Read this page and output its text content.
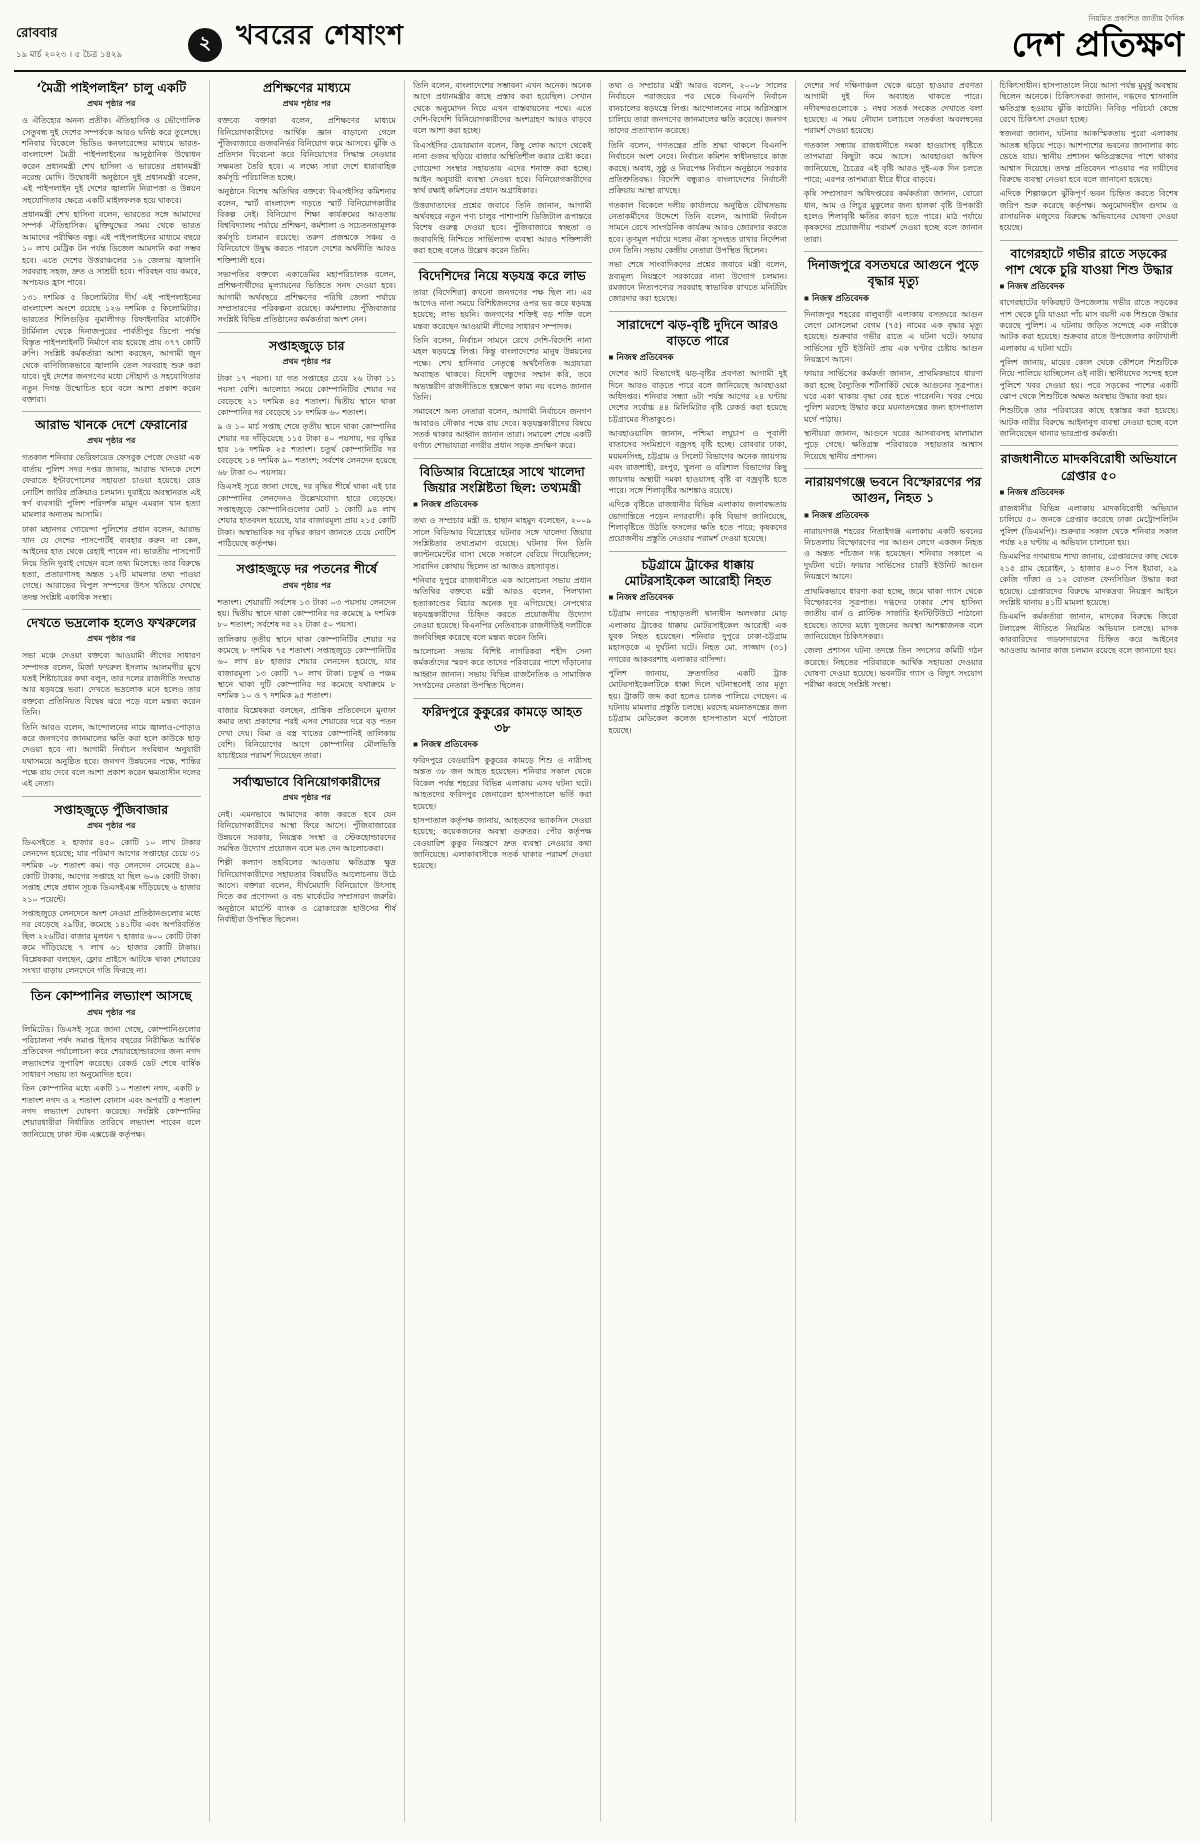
রোববার
১৯ মার্চ ২০২৩ । ৫ চৈত্র ১৪২৯
২ খবরের শেষাংশ
নিয়মিত প্রকাশিত জাতীয় দৈনিক
দেশ প্রতিক্ষণ
‘মৈত্রী পাইপলাইন’ চালু একটি
প্রথম পৃষ্ঠার পর

ও ঐতিহ্যের অনন্য প্রতীক। ঐতিহাসিক ও ভৌগোলিক সেতুবন্ধ দুই দেশের সম্পর্ককে আরও ঘনিষ্ঠ করে তুলেছে। শনিবার বিকেলে ভিডিও কনফারেন্সের মাধ্যমে ভারত-বাংলাদেশ মৈত্রী পাইপলাইনের আনুষ্ঠানিক উদ্বোধন করেন প্রধানমন্ত্রী শেখ হাসিনা ও ভারতের প্রধানমন্ত্রী নরেন্দ্র মোদি। উদ্বোধনী অনুষ্ঠানে দুই প্রধানমন্ত্রী বলেন, এই পাইপলাইন দুই দেশের জ্বালানি নিরাপত্তা ও উন্নয়ন সহযোগিতার ক্ষেত্রে একটি মাইলফলক হয়ে থাকবে।

প্রধানমন্ত্রী শেখ হাসিনা বলেন, ভারতের সঙ্গে আমাদের সম্পর্ক ঐতিহাসিক। মুক্তিযুদ্ধের সময় থেকে ভারত আমাদের পরীক্ষিত বন্ধু। এই পাইপলাইনের মাধ্যমে বছরে ১০ লাখ মেট্রিক টন পর্যন্ত ডিজেল আমদানি করা সম্ভব হবে। এতে দেশের উত্তরাঞ্চলের ১৬ জেলায় জ্বালানি সরবরাহ সহজ, দ্রুত ও সাশ্রয়ী হবে। পরিবহন ব্যয় কমবে, অপচয়ও হ্রাস পাবে।

১৩১ দশমিক ৫ কিলোমিটার দীর্ঘ এই পাইপলাইনের বাংলাদেশ অংশে রয়েছে ১২৬ দশমিক ৫ কিলোমিটার। ভারতের শিলিগুড়ির নুমালীগড় রিফাইনারির মার্কেটিং টার্মিনাল থেকে দিনাজপুরের পার্বতীপুর ডিপো পর্যন্ত বিস্তৃত পাইপলাইনটি নির্মাণে ব্যয় হয়েছে প্রায় ৩৭৭ কোটি রুপি। সংশ্লিষ্ট কর্মকর্তারা আশা করছেন, আগামী জুন থেকে বাণিজ্যিকভাবে জ্বালানি তেল সরবরাহ শুরু করা যাবে। দুই দেশের জনগণের মধ্যে সৌহার্দ্য ও সহযোগিতার নতুন দিগন্ত উন্মোচিত হবে বলে আশা প্রকাশ করেন বক্তারা।

আরাভ খানকে দেশে ফেরানোর
প্রথম পৃষ্ঠার পর

গতকাল শনিবার ভেরিফায়েড ফেসবুক পেজে দেওয়া এক বার্তায় পুলিশ সদর দপ্তর জানায়, আরাভ খানকে দেশে ফেরাতে ইন্টারপোলের সহায়তা চাওয়া হয়েছে। রেড নোটিশ জারির প্রক্রিয়াও চলমান। দুবাইয়ে অবস্থানরত এই স্বর্ণ ব্যবসায়ী পুলিশ পরিদর্শক মামুন এমরান খান হত্যা মামলার অন্যতম আসামি।

ঢাকা মহানগর গোয়েন্দা পুলিশের প্রধান বলেন, আরাভ খান যে দেশের পাসপোর্টই ব্যবহার করুন না কেন, আইনের হাত থেকে রেহাই পাবেন না। ভারতীয় পাসপোর্ট নিয়ে তিনি দুবাই গেছেন বলে তথ্য মিলেছে। তার বিরুদ্ধে হত্যা, প্রতারণাসহ অন্তত ১২টি মামলার তথ্য পাওয়া গেছে। আরাভের বিপুল সম্পদের উৎস খতিয়ে দেখছে তদন্ত সংশ্লিষ্ট একাধিক সংস্থা।

দেখতে ভদ্রলোক হলেও ফখরুলের
প্রথম পৃষ্ঠার পর

সভা মঞ্চে দেওয়া বক্তব্যে আওয়ামী লীগের সাধারণ সম্পাদক বলেন, মির্জা ফখরুল ইসলাম আলমগীর মুখে যতই শিষ্টাচারের কথা বলুন, তার দলের রাজনীতি সংঘাত আর ষড়যন্ত্রে ভরা। দেখতে ভদ্রলোক মনে হলেও তার বক্তব্যে প্রতিনিয়ত বিদ্বেষ ঝরে পড়ে বলে মন্তব্য করেন তিনি।

তিনি আরও বলেন, আন্দোলনের নামে জ্বালাও-পোড়াও করে জনগণের জানমালের ক্ষতি করা হলে কাউকে ছাড় দেওয়া হবে না। আগামী নির্বাচন সংবিধান অনুযায়ী যথাসময়ে অনুষ্ঠিত হবে। জনগণ উন্নয়নের পক্ষে, শান্তির পক্ষে রায় দেবে বলে আশা প্রকাশ করেন ক্ষমতাসীন দলের এই নেতা।

সপ্তাহজুড়ে পুঁজিবাজার
প্রথম পৃষ্ঠার পর

ডিএসইতে ২ হাজার ৪৫০ কোটি ১০ লাখ টাকার লেনদেন হয়েছে; যার পরিমাণ আগের সপ্তাহের চেয়ে ৩১ দশমিক ০৮ শতাংশ কম। গড় লেনদেন নেমেছে ৪৯০ কোটি টাকায়, আগের সপ্তাহে যা ছিল ৬০৬ কোটি টাকা। সপ্তাহ শেষে প্রধান সূচক ডিএসইএক্স দাঁড়িয়েছে ৬ হাজার ২১০ পয়েন্টে।

সপ্তাহজুড়ে লেনদেনে অংশ নেওয়া প্রতিষ্ঠানগুলোর মধ্যে দর বেড়েছে ২৯টির, কমেছে ১৪১টির এবং অপরিবর্তিত ছিল ২২৬টির। বাজার মূলধন ৭ হাজার ৬০০ কোটি টাকা কমে দাঁড়িয়েছে ৭ লাখ ৬১ হাজার কোটি টাকায়। বিশ্লেষকরা বলছেন, ফ্লোর প্রাইসে আটকে থাকা শেয়ারের সংখ্যা বাড়ায় লেনদেনে গতি ফিরছে না।

তিন কোম্পানির লভ্যাংশ আসছে
প্রথম পৃষ্ঠার পর

লিমিটেড। ডিএসই সূত্রে জানা গেছে, কোম্পানিগুলোর পরিচালনা পর্ষদ সমাপ্ত হিসাব বছরের নিরীক্ষিত আর্থিক প্রতিবেদন পর্যালোচনা করে শেয়ারহোল্ডারদের জন্য নগদ লভ্যাংশের সুপারিশ করেছে। রেকর্ড ডেট শেষে বার্ষিক সাধারণ সভায় তা অনুমোদিত হবে।

তিন কোম্পানির মধ্যে একটি ১০ শতাংশ নগদ, একটি ৮ শতাংশ নগদ ও ২ শতাংশ বোনাস এবং অপরটি ৫ শতাংশ নগদ লভ্যাংশ ঘোষণা করেছে। সংশ্লিষ্ট কোম্পানির শেয়ারধারীরা নির্ধারিত তারিখে লভ্যাংশ পাবেন বলে জানিয়েছে ঢাকা স্টক এক্সচেঞ্জ কর্তৃপক্ষ।

প্রশিক্ষণের মাধ্যমে
প্রথম পৃষ্ঠার পর

বক্তব্যে বক্তারা বলেন, প্রশিক্ষণের মাধ্যমে বিনিয়োগকারীদের আর্থিক জ্ঞান বাড়ানো গেলে পুঁজিবাজারে গুজবনির্ভর বিনিয়োগ কমে আসবে। ঝুঁকি ও প্রতিদান বিবেচনা করে বিনিয়োগের সিদ্ধান্ত নেওয়ার সক্ষমতা তৈরি হবে। এ লক্ষ্যে সারা দেশে ধারাবাহিক কর্মসূচি পরিচালিত হচ্ছে।

অনুষ্ঠানে বিশেষ অতিথির বক্তব্যে বিএসইসির কমিশনার বলেন, স্মার্ট বাংলাদেশ গড়তে স্মার্ট বিনিয়োগকারীর বিকল্প নেই। বিনিয়োগ শিক্ষা কার্যক্রমের আওতায় বিশ্ববিদ্যালয় পর্যায়ে প্রশিক্ষণ, কর্মশালা ও সচেতনতামূলক কর্মসূচি চলমান রয়েছে। তরুণ প্রজন্মকে সঞ্চয় ও বিনিয়োগে উদ্বুদ্ধ করতে পারলে দেশের অর্থনীতি আরও শক্তিশালী হবে।

সভাপতির বক্তব্যে একাডেমির মহাপরিচালক বলেন, প্রশিক্ষণার্থীদের মূল্যায়নের ভিত্তিতে সনদ দেওয়া হবে। আগামী অর্থবছরে প্রশিক্ষণের পরিধি জেলা পর্যায়ে সম্প্রসারণের পরিকল্পনা রয়েছে। কর্মশালায় পুঁজিবাজার সংশ্লিষ্ট বিভিন্ন প্রতিষ্ঠানের কর্মকর্তারা অংশ নেন।

সপ্তাহজুড়ে চার
প্রথম পৃষ্ঠার পর

টাকা ১৭ পয়সা। যা গত সপ্তাহের চেয়ে ২৬ টাকা ১১ পয়সা বেশি। আলোচ্য সময়ে কোম্পানিটির শেয়ার দর বেড়েছে ২১ দশমিক ৪৫ শতাংশ। দ্বিতীয় স্থানে থাকা কোম্পানির দর বেড়েছে ১৮ দশমিক ৬০ শতাংশ।

৯ ও ১০ মার্চ সপ্তাহ শেষে তৃতীয় স্থানে থাকা কোম্পানির শেয়ার দর দাঁড়িয়েছে ১১৫ টাকা ৪০ পয়সায়, দর বৃদ্ধির হার ১৬ দশমিক ২৫ শতাংশ। চতুর্থ কোম্পানিটির দর বেড়েছে ১৪ দশমিক ৯০ শতাংশ; সর্বশেষ লেনদেন হয়েছে ৬৮ টাকা ৩০ পয়সায়।

ডিএসই সূত্রে জানা গেছে, দর বৃদ্ধির শীর্ষে থাকা এই চার কোম্পানির লেনদেনও উল্লেখযোগ্য হারে বেড়েছে। সপ্তাহজুড়ে কোম্পানিগুলোর মোট ১ কোটি ৯৪ লাখ শেয়ার হাতবদল হয়েছে, যার বাজারমূল্য প্রায় ২১৫ কোটি টাকা। অস্বাভাবিক দর বৃদ্ধির কারণ জানতে চেয়ে নোটিশ পাঠিয়েছে কর্তৃপক্ষ।

সপ্তাহজুড়ে দর পতনের শীর্ষে
প্রথম পৃষ্ঠার পর

শতাংশ। শেয়ারটি সর্বশেষ ১৩ টাকা ০৩ পয়সায় লেনদেন হয়। দ্বিতীয় স্থানে থাকা কোম্পানির দর কমেছে ৯ দশমিক ৮০ শতাংশ; সর্বশেষ দর ২২ টাকা ৫০ পয়সা।

তালিকায় তৃতীয় স্থানে থাকা কোম্পানিটির শেয়ার দর কমেছে ৮ দশমিক ৭৫ শতাংশ। সপ্তাহজুড়ে কোম্পানিটির ৬০ লাখ ৪৮ হাজার শেয়ার লেনদেন হয়েছে, যার বাজারমূল্য ১৩ কোটি ৭০ লাখ টাকা। চতুর্থ ও পঞ্চম স্থানে থাকা দুটি কোম্পানির দর কমেছে যথাক্রমে ৮ দশমিক ১০ ও ৭ দশমিক ৯৫ শতাংশ।

বাজার বিশ্লেষকরা বলছেন, প্রান্তিক প্রতিবেদনে মুনাফা কমার তথ্য প্রকাশের পরই এসব শেয়ারের দরে বড় পতন দেখা দেয়। বিমা ও বস্ত্র খাতের কোম্পানিই তালিকায় বেশি। বিনিয়োগের আগে কোম্পানির মৌলভিত্তি যাচাইয়ের পরামর্শ দিয়েছেন তারা।

সর্বাত্মভাবে বিনিয়োগকারীদের
প্রথম পৃষ্ঠার পর

নেই। এমনভাবে আমাদের কাজ করতে হবে যেন বিনিয়োগকারীদের আস্থা ফিরে আসে। পুঁজিবাজারের উন্নয়নে সরকার, নিয়ন্ত্রক সংস্থা ও স্টেকহোল্ডারদের সমন্বিত উদ্যোগ প্রয়োজন বলে মত দেন আলোচকরা।

শিল্পী কল্যাণ তহবিলের আওতায় ক্ষতিগ্রস্ত ক্ষুদ্র বিনিয়োগকারীদের সহায়তার বিষয়টিও আলোচনায় উঠে আসে। বক্তারা বলেন, দীর্ঘমেয়াদি বিনিয়োগে উৎসাহ দিতে কর প্রণোদনা ও বন্ড মার্কেটের সম্প্রসারণ জরুরি। অনুষ্ঠানে মার্চেন্ট ব্যাংক ও ব্রোকারেজ হাউসের শীর্ষ নির্বাহীরা উপস্থিত ছিলেন।

তিনি বলেন, বাংলাদেশের সম্ভাবনা এখন অনেক। অনেক আগে প্রধানমন্ত্রীর কাছে প্রস্তাব করা হয়েছিল। সেখান থেকে অনুমোদন নিয়ে এখন বাস্তবায়নের পথে। এতে দেশি-বিদেশি বিনিয়োগকারীদের অংশগ্রহণ আরও বাড়বে বলে আশা করা হচ্ছে।

বিএসইসির চেয়ারম্যান বলেন, কিছু লোক আগে থেকেই নানা গুজব ছড়িয়ে বাজার অস্থিতিশীল করার চেষ্টা করে। গোয়েন্দা সংস্থার সহায়তায় এদের শনাক্ত করা হচ্ছে। আইন অনুযায়ী ব্যবস্থা নেওয়া হবে। বিনিয়োগকারীদের স্বার্থ রক্ষাই কমিশনের প্রধান অগ্রাধিকার।

উত্তরদাতাদের প্রশ্নের জবাবে তিনি জানান, আগামী অর্থবছরে নতুন পণ্য চালুর পাশাপাশি ডিজিটাল রূপান্তরে বিশেষ গুরুত্ব দেওয়া হবে। পুঁজিবাজারে স্বচ্ছতা ও জবাবদিহি নিশ্চিতে সার্ভিল্যান্স ব্যবস্থা আরও শক্তিশালী করা হচ্ছে বলেও উল্লেখ করেন তিনি।

বিদেশিদের নিয়ে ষড়যন্ত্র করে লাভ

তারা (বিদেশিরা) কখনো জনগণের পক্ষ ছিল না। এর আগেও নানা সময়ে বিশিষ্টজনদের ওপর ভর করে ষড়যন্ত্র হয়েছে; লাভ হয়নি। জনগণের শক্তিই বড় শক্তি বলে মন্তব্য করেছেন আওয়ামী লীগের সাধারণ সম্পাদক।

তিনি বলেন, নির্বাচন সামনে রেখে দেশি-বিদেশি নানা মহল ষড়যন্ত্রে লিপ্ত। কিন্তু বাংলাদেশের মানুষ উন্নয়নের পক্ষে। শেখ হাসিনার নেতৃত্বে অর্থনৈতিক অগ্রযাত্রা অব্যাহত থাকবে। বিদেশি বন্ধুদের সম্মান করি, তবে অভ্যন্তরীণ রাজনীতিতে হস্তক্ষেপ কাম্য নয় বলেও জানান তিনি।

সমাবেশে অন্য নেতারা বলেন, আগামী নির্বাচনে জনগণ আবারও নৌকার পক্ষে রায় দেবে। ষড়যন্ত্রকারীদের বিষয়ে সতর্ক থাকার আহ্বান জানান তারা। সমাবেশ শেষে একটি বর্ণাঢ্য শোভাযাত্রা নগরীর প্রধান সড়ক প্রদক্ষিণ করে।

বিডিআর বিদ্রোহের সাথে খালেদা জিয়ার সংশ্লিষ্টতা ছিল: তথ্যমন্ত্রী
◼ নিজস্ব প্রতিবেদক

তথ্য ও সম্প্রচার মন্ত্রী ড. হাছান মাহমুদ বলেছেন, ২০০৯ সালে বিডিআর বিদ্রোহের ঘটনার সঙ্গে খালেদা জিয়ার সংশ্লিষ্টতার তথ্যপ্রমাণ রয়েছে। ঘটনার দিন তিনি ক্যান্টনমেন্টের বাসা থেকে সকালে বেরিয়ে গিয়েছিলেন; সারাদিন কোথায় ছিলেন তা আজও রহস্যাবৃত।

শনিবার দুপুরে রাজধানীতে এক আলোচনা সভায় প্রধান অতিথির বক্তব্যে মন্ত্রী আরও বলেন, পিলখানা হত্যাকাণ্ডের বিচার অনেক দূর এগিয়েছে। নেপথ্যের ষড়যন্ত্রকারীদের চিহ্নিত করতে প্রয়োজনীয় উদ্যোগ নেওয়া হয়েছে। বিএনপির নেতিবাচক রাজনীতিই দলটিকে জনবিচ্ছিন্ন করেছে বলে মন্তব্য করেন তিনি।

আলোচনা সভায় বিশিষ্ট নাগরিকরা শহীদ সেনা কর্মকর্তাদের স্মরণ করে তাদের পরিবারের পাশে দাঁড়ানোর আহ্বান জানান। সভায় বিভিন্ন রাজনৈতিক ও সামাজিক সংগঠনের নেতারা উপস্থিত ছিলেন।

ফরিদপুরে কুকুরের কামড়ে আহত ৩৮
◼ নিজস্ব প্রতিবেদক

ফরিদপুরে বেওয়ারিশ কুকুরের কামড়ে শিশু ও নারীসহ অন্তত ৩৮ জন আহত হয়েছেন। শনিবার সকাল থেকে বিকেল পর্যন্ত শহরের বিভিন্ন এলাকায় এসব ঘটনা ঘটে। আহতদের ফরিদপুর জেনারেল হাসপাতালে ভর্তি করা হয়েছে।

হাসপাতাল কর্তৃপক্ষ জানায়, আহতদের ভ্যাকসিন দেওয়া হয়েছে; কয়েকজনের অবস্থা গুরুতর। পৌর কর্তৃপক্ষ বেওয়ারিশ কুকুর নিয়ন্ত্রণে দ্রুত ব্যবস্থা নেওয়ার কথা জানিয়েছে। এলাকাবাসীকে সতর্ক থাকার পরামর্শ দেওয়া হয়েছে।

তথ্য ও সম্প্রচার মন্ত্রী আরও বলেন, ২০০৮ সালের নির্বাচনে পরাজয়ের পর থেকে বিএনপি নির্বাচন বানচালের ষড়যন্ত্রে লিপ্ত। আন্দোলনের নামে অগ্নিসন্ত্রাস চালিয়ে তারা জনগণের জানমালের ক্ষতি করেছে। জনগণ তাদের প্রত্যাখ্যান করেছে।

তিনি বলেন, গণতন্ত্রের প্রতি শ্রদ্ধা থাকলে বিএনপি নির্বাচনে অংশ নেবে। নির্বাচন কমিশন স্বাধীনভাবে কাজ করছে। অবাধ, সুষ্ঠু ও নিরপেক্ষ নির্বাচন অনুষ্ঠানে সরকার প্রতিশ্রুতিবদ্ধ। বিদেশি বন্ধুরাও বাংলাদেশের নির্বাচনী প্রক্রিয়ায় আস্থা রাখছে।

গতকাল বিকেলে দলীয় কার্যালয়ে অনুষ্ঠিত যৌথসভায় নেতাকর্মীদের উদ্দেশে তিনি বলেন, আগামী নির্বাচন সামনে রেখে সাংগঠনিক কার্যক্রম আরও জোরদার করতে হবে। তৃণমূল পর্যায়ে দলের ঐক্য সুসংহত রাখার নির্দেশনা দেন তিনি। সভায় কেন্দ্রীয় নেতারা উপস্থিত ছিলেন।

সভা শেষে সাংবাদিকদের প্রশ্নের জবাবে মন্ত্রী বলেন, দ্রব্যমূল্য নিয়ন্ত্রণে সরকারের নানা উদ্যোগ চলমান। রমজানে নিত্যপণ্যের সরবরাহ স্বাভাবিক রাখতে মনিটরিং জোরদার করা হয়েছে।

সারাদেশে ঝড়-বৃষ্টি দুদিনে আরও বাড়তে পারে
◼ নিজস্ব প্রতিবেদক

দেশের আট বিভাগেই ঝড়-বৃষ্টির প্রবণতা আগামী দুই দিনে আরও বাড়তে পারে বলে জানিয়েছে আবহাওয়া অধিদপ্তর। শনিবার সন্ধ্যা ৬টা পর্যন্ত আগের ২৪ ঘণ্টায় দেশের সর্বোচ্চ ৪৪ মিলিমিটার বৃষ্টি রেকর্ড করা হয়েছে চট্টগ্রামের সীতাকুণ্ডে।

আবহাওয়াবিদ জানান, পশ্চিমা লঘুচাপ ও পূবালী বাতাসের সংমিশ্রণে বজ্রসহ বৃষ্টি হচ্ছে। রোববার ঢাকা, ময়মনসিংহ, চট্টগ্রাম ও সিলেট বিভাগের অনেক জায়গায় এবং রাজশাহী, রংপুর, খুলনা ও বরিশাল বিভাগের কিছু জায়গায় অস্থায়ী দমকা হাওয়াসহ বৃষ্টি বা বজ্রবৃষ্টি হতে পারে। সঙ্গে শিলাবৃষ্টির আশঙ্কাও রয়েছে।

এদিকে বৃষ্টিতে রাজধানীর বিভিন্ন এলাকায় জলাবদ্ধতায় ভোগান্তিতে পড়েন নগরবাসী। কৃষি বিভাগ জানিয়েছে, শিলাবৃষ্টিতে উঠতি ফসলের ক্ষতি হতে পারে; কৃষকদের প্রয়োজনীয় প্রস্তুতি নেওয়ার পরামর্শ দেওয়া হয়েছে।

চট্টগ্রামে ট্রাকের ধাক্কায় মোটরসাইকেল আরোহী নিহত
◼ নিজস্ব প্রতিবেদক

চট্টগ্রাম নগরের পাহাড়তলী থানাধীন অলংকার মোড় এলাকায় ট্রাকের ধাক্কায় মোটরসাইকেল আরোহী এক যুবক নিহত হয়েছেন। শনিবার দুপুরে ঢাকা-চট্টগ্রাম মহাসড়কে এ দুর্ঘটনা ঘটে। নিহত মো. সাজ্জাদ (৩১) নগরের আকবরশাহ এলাকার বাসিন্দা।

পুলিশ জানায়, দ্রুতগতির একটি ট্রাক মোটরসাইকেলটিকে ধাক্কা দিলে ঘটনাস্থলেই তার মৃত্যু হয়। ট্রাকটি জব্দ করা হলেও চালক পালিয়ে গেছেন। এ ঘটনায় মামলার প্রস্তুতি চলছে। মরদেহ ময়নাতদন্তের জন্য চট্টগ্রাম মেডিকেল কলেজ হাসপাতাল মর্গে পাঠানো হয়েছে।

দেশের সর্ব দক্ষিণাঞ্চল থেকে ঝড়ো হাওয়ার প্রবণতা আগামী দুই দিন অব্যাহত থাকতে পারে। নদীবন্দরগুলোকে ১ নম্বর সতর্ক সংকেত দেখাতে বলা হয়েছে। এ সময় নৌযান চলাচলে সতর্কতা অবলম্বনের পরামর্শ দেওয়া হয়েছে।

গতকাল সন্ধ্যায় রাজধানীতে দমকা হাওয়াসহ বৃষ্টিতে তাপমাত্রা কিছুটা কমে আসে। আবহাওয়া অফিস জানিয়েছে, চৈত্রের এই বৃষ্টি আরও দুই-এক দিন চলতে পারে; এরপর তাপমাত্রা ধীরে ধীরে বাড়বে।

কৃষি সম্প্রসারণ অধিদপ্তরের কর্মকর্তারা জানান, বোরো ধান, আম ও লিচুর মুকুলের জন্য হালকা বৃষ্টি উপকারী হলেও শিলাবৃষ্টি ক্ষতির কারণ হতে পারে। মাঠ পর্যায়ে কৃষকদের প্রয়োজনীয় পরামর্শ দেওয়া হচ্ছে বলে জানান তারা।

দিনাজপুরে বসতঘরে আগুনে পুড়ে বৃদ্ধার মৃত্যু
◼ নিজস্ব প্রতিবেদক

দিনাজপুর শহরের বালুবাড়ী এলাকায় বসতঘরে আগুন লেগে মোসলেমা বেগম (৭৫) নামের এক বৃদ্ধার মৃত্যু হয়েছে। শুক্রবার গভীর রাতে এ ঘটনা ঘটে। ফায়ার সার্ভিসের দুটি ইউনিট প্রায় এক ঘণ্টার চেষ্টায় আগুন নিয়ন্ত্রণে আনে।

ফায়ার সার্ভিসের কর্মকর্তা জানান, প্রাথমিকভাবে ধারণা করা হচ্ছে বৈদ্যুতিক শর্টসার্কিট থেকে আগুনের সূত্রপাত। ঘরে একা থাকায় বৃদ্ধা বের হতে পারেননি। খবর পেয়ে পুলিশ মরদেহ উদ্ধার করে ময়নাতদন্তের জন্য হাসপাতাল মর্গে পাঠায়।

স্থানীয়রা জানান, আগুনে ঘরের আসবাবসহ মালামাল পুড়ে গেছে। ক্ষতিগ্রস্ত পরিবারকে সহায়তার আশ্বাস দিয়েছে স্থানীয় প্রশাসন।

নারায়ণগঞ্জে ভবনে বিস্ফোরণের পর আগুন, নিহত ১
◼ নিজস্ব প্রতিবেদক

নারায়ণগঞ্জ শহরের নিতাইগঞ্জ এলাকায় একটি ভবনের নিচতলায় বিস্ফোরণের পর আগুন লেগে একজন নিহত ও অন্তত পাঁচজন দগ্ধ হয়েছেন। শনিবার সকালে এ দুর্ঘটনা ঘটে। ফায়ার সার্ভিসের চারটি ইউনিট আগুন নিয়ন্ত্রণে আনে।

প্রাথমিকভাবে ধারণা করা হচ্ছে, জমে থাকা গ্যাস থেকে বিস্ফোরণের সূত্রপাত। দগ্ধদের ঢাকার শেখ হাসিনা জাতীয় বার্ন ও প্লাস্টিক সার্জারি ইনস্টিটিউটে পাঠানো হয়েছে। তাদের মধ্যে দুজনের অবস্থা আশঙ্কাজনক বলে জানিয়েছেন চিকিৎসকরা।

জেলা প্রশাসন ঘটনা তদন্তে তিন সদস্যের কমিটি গঠন করেছে। নিহতের পরিবারকে আর্থিক সহায়তা দেওয়ার ঘোষণা দেওয়া হয়েছে। ভবনটির গ্যাস ও বিদ্যুৎ সংযোগ পরীক্ষা করছে সংশ্লিষ্ট সংস্থা।

চিকিৎসাধীন। হাসপাতালে নিয়ে আসা পর্যন্ত মুমূর্ষু অবস্থায় ছিলেন অনেকে। চিকিৎসকরা জানান, দগ্ধদের শ্বাসনালি ক্ষতিগ্রস্ত হওয়ায় ঝুঁকি কাটেনি। নিবিড় পরিচর্যা কেন্দ্রে রেখে চিকিৎসা দেওয়া হচ্ছে।

স্বজনরা জানান, ঘটনার আকস্মিকতায় পুরো এলাকায় আতঙ্ক ছড়িয়ে পড়ে। আশপাশের ভবনের জানালার কাচ ভেঙে যায়। স্থানীয় প্রশাসন ক্ষতিগ্রস্তদের পাশে থাকার আশ্বাস দিয়েছে। তদন্ত প্রতিবেদন পাওয়ার পর দায়ীদের বিরুদ্ধে ব্যবস্থা নেওয়া হবে বলে জানানো হয়েছে।

এদিকে শিল্পাঞ্চলে ঝুঁকিপূর্ণ ভবন চিহ্নিত করতে বিশেষ জরিপ শুরু করেছে কর্তৃপক্ষ। অনুমোদনহীন গুদাম ও রাসায়নিক মজুদের বিরুদ্ধে অভিযানের ঘোষণা দেওয়া হয়েছে।

বাগেরহাটে গভীর রাতে সড়কের পাশ থেকে চুরি যাওয়া শিশু উদ্ধার
◼ নিজস্ব প্রতিবেদক

বাগেরহাটের ফকিরহাট উপজেলায় গভীর রাতে সড়কের পাশ থেকে চুরি যাওয়া পাঁচ মাস বয়সী এক শিশুকে উদ্ধার করেছে পুলিশ। এ ঘটনায় জড়িত সন্দেহে এক নারীকে আটক করা হয়েছে। শুক্রবার রাতে উপজেলার কাটাখালী এলাকায় এ ঘটনা ঘটে।

পুলিশ জানায়, মায়ের কোল থেকে কৌশলে শিশুটিকে নিয়ে পালিয়ে যাচ্ছিলেন ওই নারী। স্থানীয়দের সন্দেহ হলে পুলিশে খবর দেওয়া হয়। পরে সড়কের পাশের একটি ঝোপ থেকে শিশুটিকে অক্ষত অবস্থায় উদ্ধার করা হয়।

শিশুটিকে তার পরিবারের কাছে হস্তান্তর করা হয়েছে। আটক নারীর বিরুদ্ধে আইনানুগ ব্যবস্থা নেওয়া হচ্ছে বলে জানিয়েছেন থানার ভারপ্রাপ্ত কর্মকর্তা।

রাজধানীতে মাদকবিরোধী অভিযানে গ্রেপ্তার ৫০
◼ নিজস্ব প্রতিবেদক

রাজধানীর বিভিন্ন এলাকায় মাদকবিরোধী অভিযান চালিয়ে ৫০ জনকে গ্রেপ্তার করেছে ঢাকা মেট্রোপলিটন পুলিশ (ডিএমপি)। শুক্রবার সকাল থেকে শনিবার সকাল পর্যন্ত ২৪ ঘণ্টায় এ অভিযান চালানো হয়।

ডিএমপির গণমাধ্যম শাখা জানায়, গ্রেপ্তারদের কাছ থেকে ২১৫ গ্রাম হেরোইন, ১ হাজার ৪০৩ পিস ইয়াবা, ২৯ কেজি গাঁজা ও ১২ বোতল ফেনসিডিল উদ্ধার করা হয়েছে। গ্রেপ্তারদের বিরুদ্ধে মাদকদ্রব্য নিয়ন্ত্রণ আইনে সংশ্লিষ্ট থানায় ৪১টি মামলা হয়েছে।

ডিএমপি কর্মকর্তারা জানান, মাদকের বিরুদ্ধে জিরো টলারেন্স নীতিতে নিয়মিত অভিযান চলছে। মাদক কারবারিদের গডফাদারদের চিহ্নিত করে আইনের আওতায় আনার কাজ চলমান রয়েছে বলে জানানো হয়।
